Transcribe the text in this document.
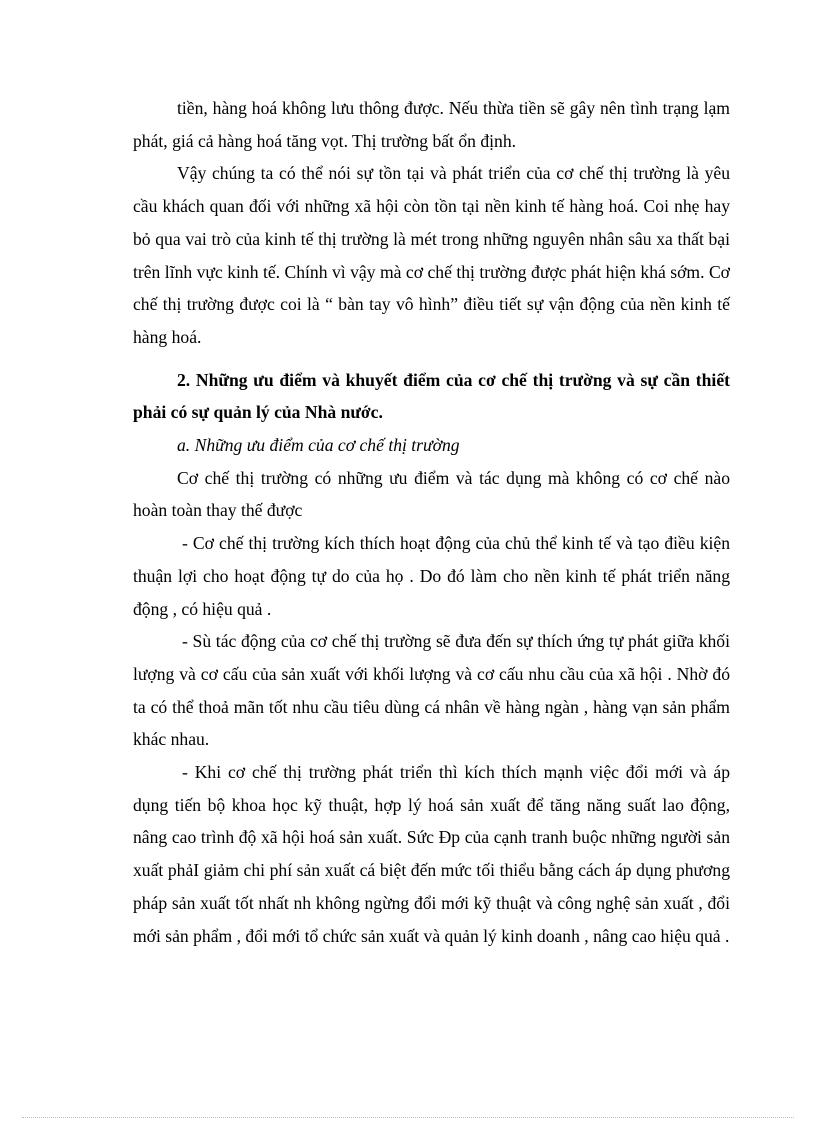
tiền, hàng hoá không lưu thông được. Nếu thừa tiền sẽ gây nên tình trạng lạm phát, giá cả hàng hoá tăng vọt. Thị trường bất ổn định.

Vậy chúng ta có thể nói sự tồn tại và phát triển của cơ chế thị trường là yêu cầu khách quan đối với những xã hội còn tồn tại nền kinh tế hàng hoá. Coi nhẹ hay bỏ qua vai trò của kinh tế thị trường là mét trong những nguyên nhân sâu xa thất bại trên lĩnh vực kinh tế. Chính vì vậy mà cơ chế thị trường được phát hiện khá sớm. Cơ chế thị trường được coi là “ bàn tay vô hình” điều tiết sự vận động của nền kinh tế hàng hoá.

2. Những ưu điểm và khuyết điểm của cơ chế thị trường và sự cần thiết phải có sự quản lý của Nhà nước.

a. Những ưu điểm của cơ chế thị trường

Cơ chế thị trường có những ưu điểm và tác dụng mà không có cơ chế nào hoàn toàn thay thế được

- Cơ chế thị trường kích thích hoạt động của chủ thể kinh tế và tạo điều kiện thuận lợi cho hoạt động tự do của họ . Do đó làm cho nền kinh tế phát triển năng động , có hiệu quả .

- Sù tác động của cơ chế thị trường sẽ đưa đến sự thích ứng tự phát giữa khối lượng và cơ cấu của sản xuất với khối lượng và cơ cấu nhu cầu của xã hội . Nhờ đó ta có thể thoả mãn tốt nhu cầu tiêu dùng cá nhân về hàng ngàn , hàng vạn sản phẩm khác nhau.

- Khi cơ chế thị trường phát triển thì kích thích mạnh việc đổi mới và áp dụng tiến bộ khoa học kỹ thuật, hợp lý hoá sản xuất để tăng năng suất lao động, nâng cao trình độ xã hội hoá sản xuất. Sức Ðp của cạnh tranh buộc những người sản xuất phảI giảm chi phí sản xuất cá biệt đến mức tối thiểu bằng cách áp dụng phương pháp sản xuất tốt nhất nh không ngừng đổi mới kỹ thuật và công nghệ sản xuất , đổi mới sản phẩm , đổi mới tổ chức sản xuất và quản lý kinh doanh , nâng cao hiệu quả .
